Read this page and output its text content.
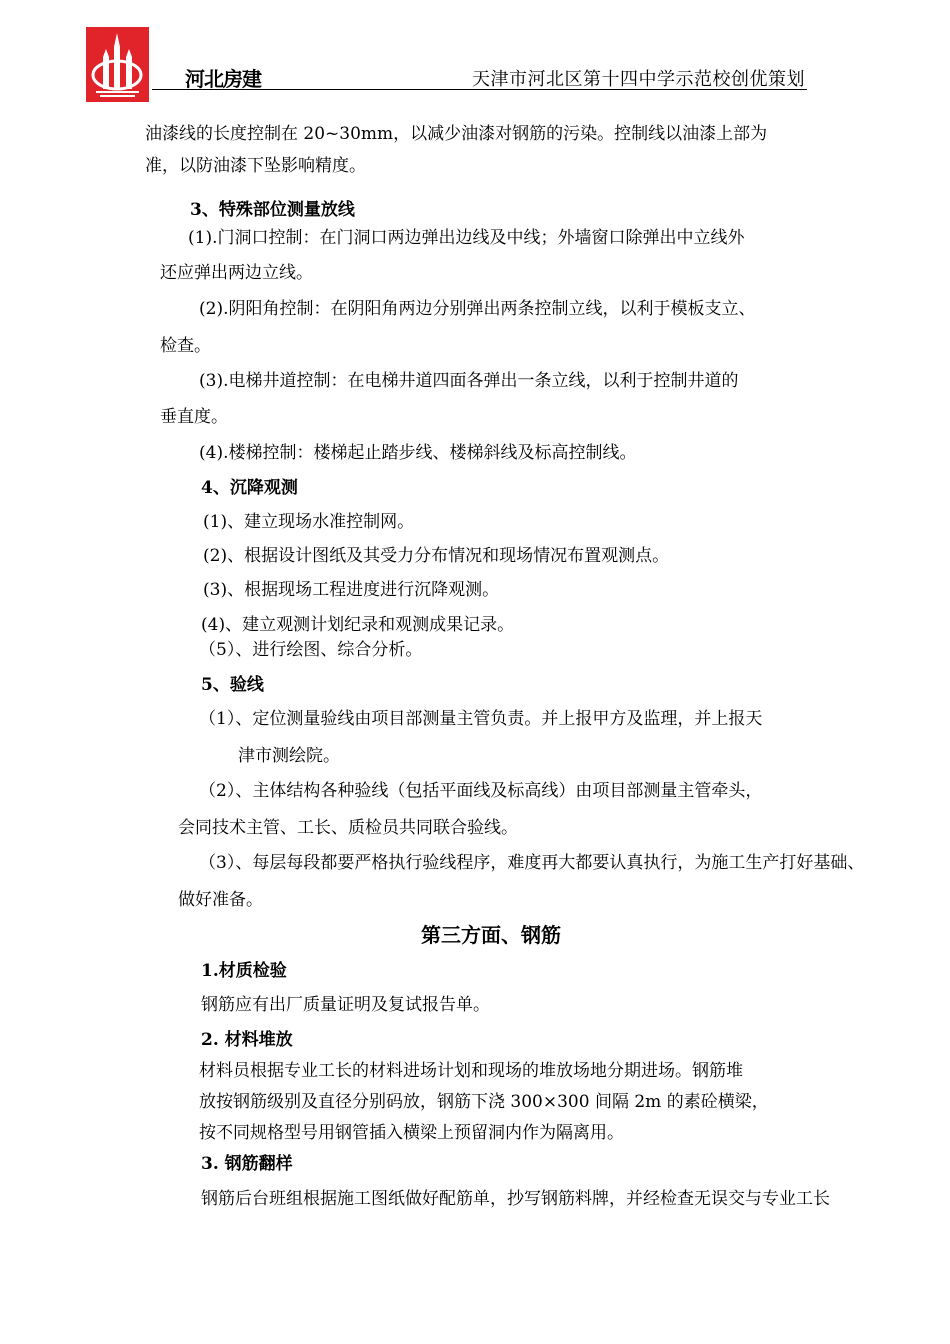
河北房建	天津市河北区第十四中学示范校创优策划
油漆线的长度控制在 20~30mm，以减少油漆对钢筋的污染。控制线以油漆上部为
准，以防油漆下坠影响精度。
3、特殊部位测量放线
(1).门洞口控制：在门洞口两边弹出边线及中线；外墙窗口除弹出中立线外
还应弹出两边立线。
(2).阴阳角控制：在阴阳角两边分别弹出两条控制立线，以利于模板支立、
检查。
(3).电梯井道控制：在电梯井道四面各弹出一条立线，以利于控制井道的
垂直度。
(4).楼梯控制：楼梯起止踏步线、楼梯斜线及标高控制线。
4、沉降观测
(1)、建立现场水准控制网。
(2)、根据设计图纸及其受力分布情况和现场情况布置观测点。
(3)、根据现场工程进度进行沉降观测。
(4)、建立观测计划纪录和观测成果记录。
（5）、进行绘图、综合分析。
5、验线
（1）、定位测量验线由项目部测量主管负责。并上报甲方及监理，并上报天
津市测绘院。
（2）、主体结构各种验线（包括平面线及标高线）由项目部测量主管牵头，
会同技术主管、工长、质检员共同联合验线。
（3）、每层每段都要严格执行验线程序，难度再大都要认真执行，为施工生产打好基础、
做好准备。
第三方面、钢筋
1.材质检验
钢筋应有出厂质量证明及复试报告单。
2. 材料堆放
材料员根据专业工长的材料进场计划和现场的堆放场地分期进场。钢筋堆
放按钢筋级别及直径分别码放，钢筋下浇 300×300 间隔 2m 的素砼横梁，
按不同规格型号用钢管插入横梁上预留洞内作为隔离用。
3. 钢筋翻样
钢筋后台班组根据施工图纸做好配筋单，抄写钢筋料牌，并经检查无误交与专业工长
